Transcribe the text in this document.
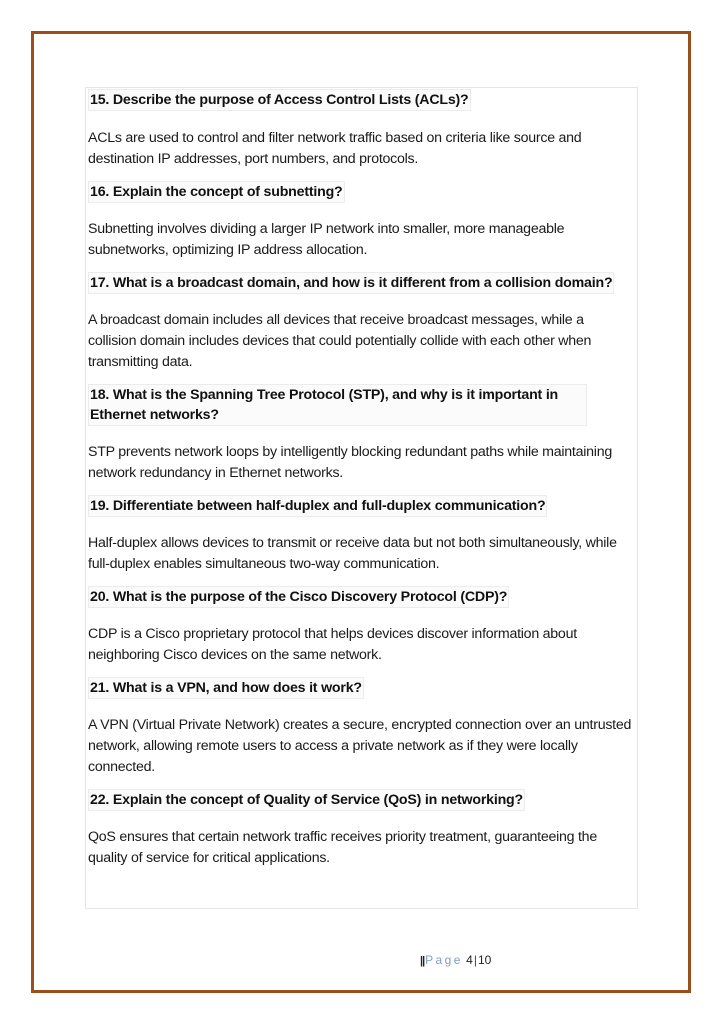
15. Describe the purpose of Access Control Lists (ACLs)?

ACLs are used to control and filter network traffic based on criteria like source and destination IP addresses, port numbers, and protocols.

16. Explain the concept of subnetting?

Subnetting involves dividing a larger IP network into smaller, more manageable subnetworks, optimizing IP address allocation.

17. What is a broadcast domain, and how is it different from a collision domain?

A broadcast domain includes all devices that receive broadcast messages, while a collision domain includes devices that could potentially collide with each other when transmitting data.

18. What is the Spanning Tree Protocol (STP), and why is it important in Ethernet networks?

STP prevents network loops by intelligently blocking redundant paths while maintaining network redundancy in Ethernet networks.

19. Differentiate between half-duplex and full-duplex communication?

Half-duplex allows devices to transmit or receive data but not both simultaneously, while full-duplex enables simultaneous two-way communication.

20. What is the purpose of the Cisco Discovery Protocol (CDP)?

CDP is a Cisco proprietary protocol that helps devices discover information about neighboring Cisco devices on the same network.

21. What is a VPN, and how does it work?

A VPN (Virtual Private Network) creates a secure, encrypted connection over an untrusted network, allowing remote users to access a private network as if they were locally connected.

22. Explain the concept of Quality of Service (QoS) in networking?

QoS ensures that certain network traffic receives priority treatment, guaranteeing the quality of service for critical applications.

||Page 4|10
